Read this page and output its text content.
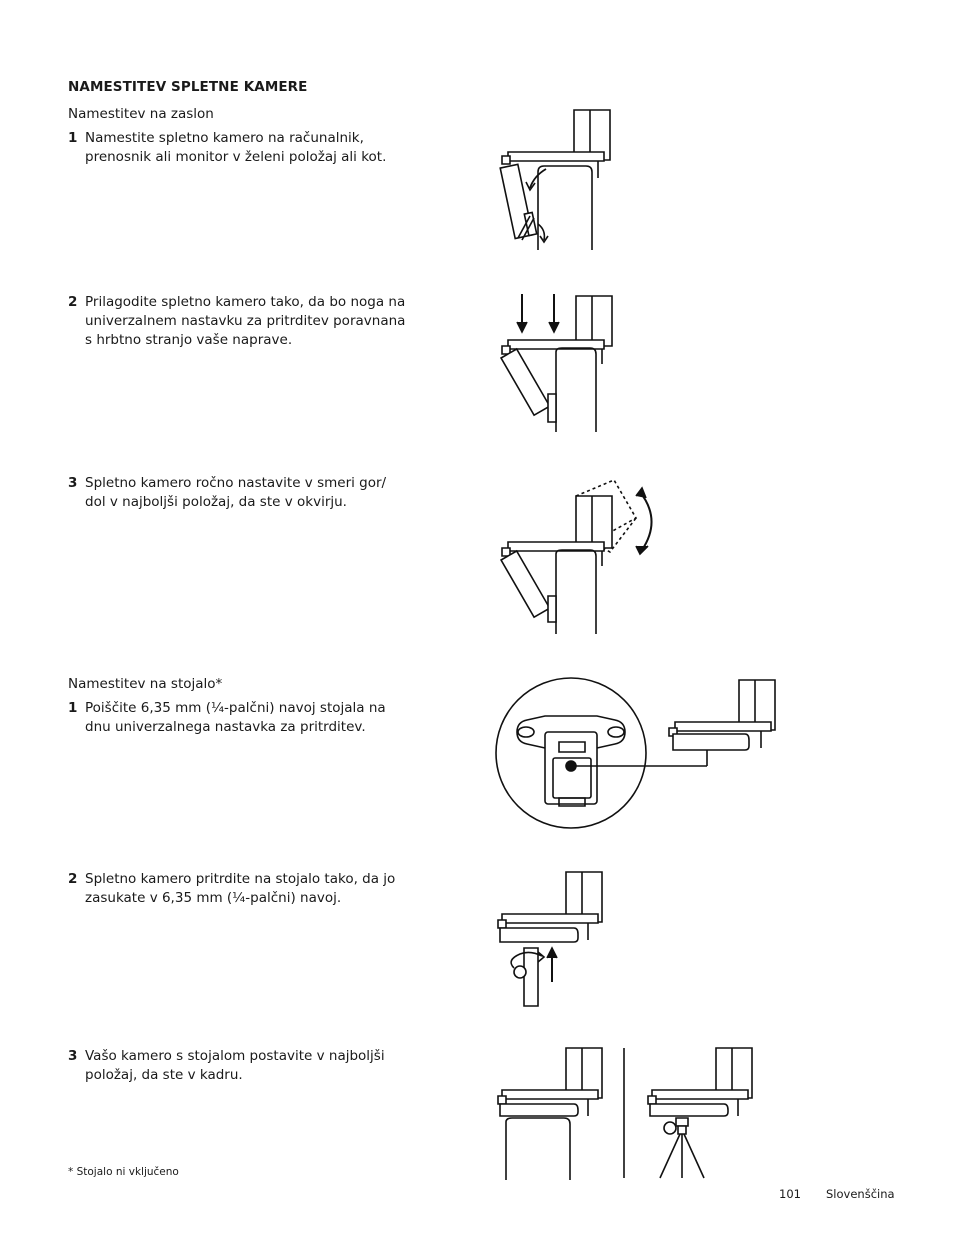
NAMESTITEV SPLETNE KAMERE
Namestitev na zaslon
1 Namestite spletno kamero na računalnik, prenosnik ali monitor v želeni položaj ali kot.
2 Prilagodite spletno kamero tako, da bo noga na univerzalnem nastavku za pritrditev poravnana s hrbtno stranjo vaše naprave.
3 Spletno kamero ročno nastavite v smeri gor/ dol v najboljši položaj, da ste v okvirju.
Namestitev na stojalo*
1 Poiščite 6,35 mm (¼-palčni) navoj stojala na dnu univerzalnega nastavka za pritrditev.
2 Spletno kamero pritrdite na stojalo tako, da jo zasukate v 6,35 mm (¼-palčni) navoj.
3 Vašo kamero s stojalom postavite v najboljši položaj, da ste v kadru.
* Stojalo ni vključeno
101 Slovenščina
